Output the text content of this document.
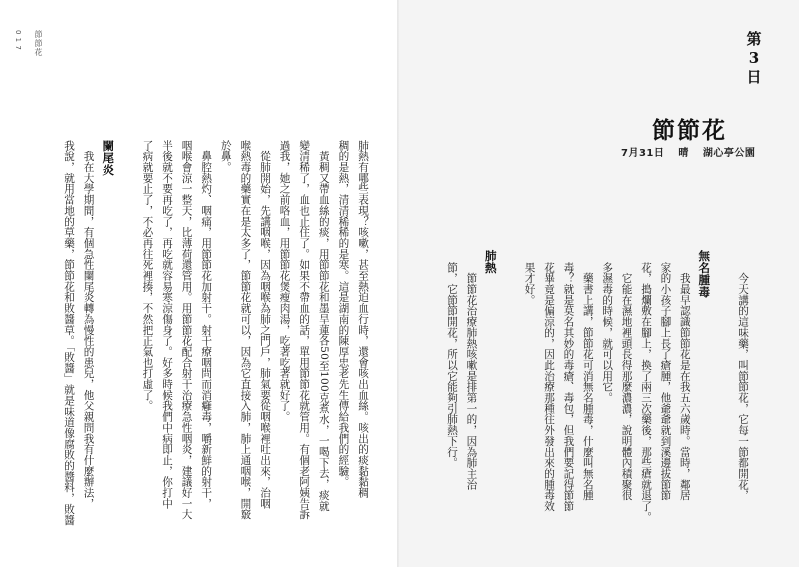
0 1 7 節節花
肺熱有哪些表現？咳嗽，甚至熱迫血行時，還會咳出血絲。咳出的痰黏黏稠
稠的是熱，清清稀稀的是寒。這是湖南的陳厚忠老先生傳給我們的經驗。
　黃稠又帶血絲的痰，用節節花和墨旱蓮各50至100克煮水，一喝下去，痰就
變清稀了，血也止住了。如果不帶血的話，單用節節花就管用。有個老阿姨告訴
過我，她之前咯血，用節節花煲瘦肉湯，吃著吃著就好了。
　從肺開始，先講咽喉，因為咽喉為肺之門戶，肺氣要從咽喉裡吐出來，治咽
喉熱毒的藥實在是太多了，節節花就可以，因為它直接入肺，肺上通咽喉，開竅
於鼻。
　鼻腔熱灼、咽痛，用節節花加射干。射干療咽問而消癰毒，嚼新鮮的射干，
咽喉會涼一整天，比薄荷還管用。用節節花配合射干治療急性咽炎，建議好一大
半後就不要再吃了，再吃就容易寒涼傷身了。好多時候我們中病即止，你打中
了病就要止了，不必再往死裡揍，不然把正氣也打虛了。
闌尾炎
　我在大學期間，有個急性闌尾炎轉為慢性的患兒，他父親問我有什麼辦法，
我說，就用當地的草藥，節節花和敗醬草。「敗醬」就是味道像腐敗的醬料，敗醬
第 3 日
節節花
7月31日 晴 湖心亭公園
　今天講的這味藥，叫節節花，它每一節都開花，
無名腫毒
　我最早認識節節花是在我五六歲時。當時，鄰居
家的小孩子腳上長了瘡腫，他爺爺就到溪邊拔節節
花，搗爛敷在腳上，換了兩三次藥後，那些瘡就退了。
　它能在濕地裡頭長得那麼濃濃，說明體內積聚很
多濕毒的時候，就可以用它。
　藥書上講，節節花可消無名腫毒，什麼叫無名腫
毒？就是莫名其妙的毒瘡、毒包，但我們要記得節節
花畢竟是偏涼的，因此治療那種往外發出來的腫毒效
果才好。
肺熱
　節節花治療肺熱咳嗽是排第一的，因為肺主治
節，它節節開花，所以它能夠引肺熱下行。
